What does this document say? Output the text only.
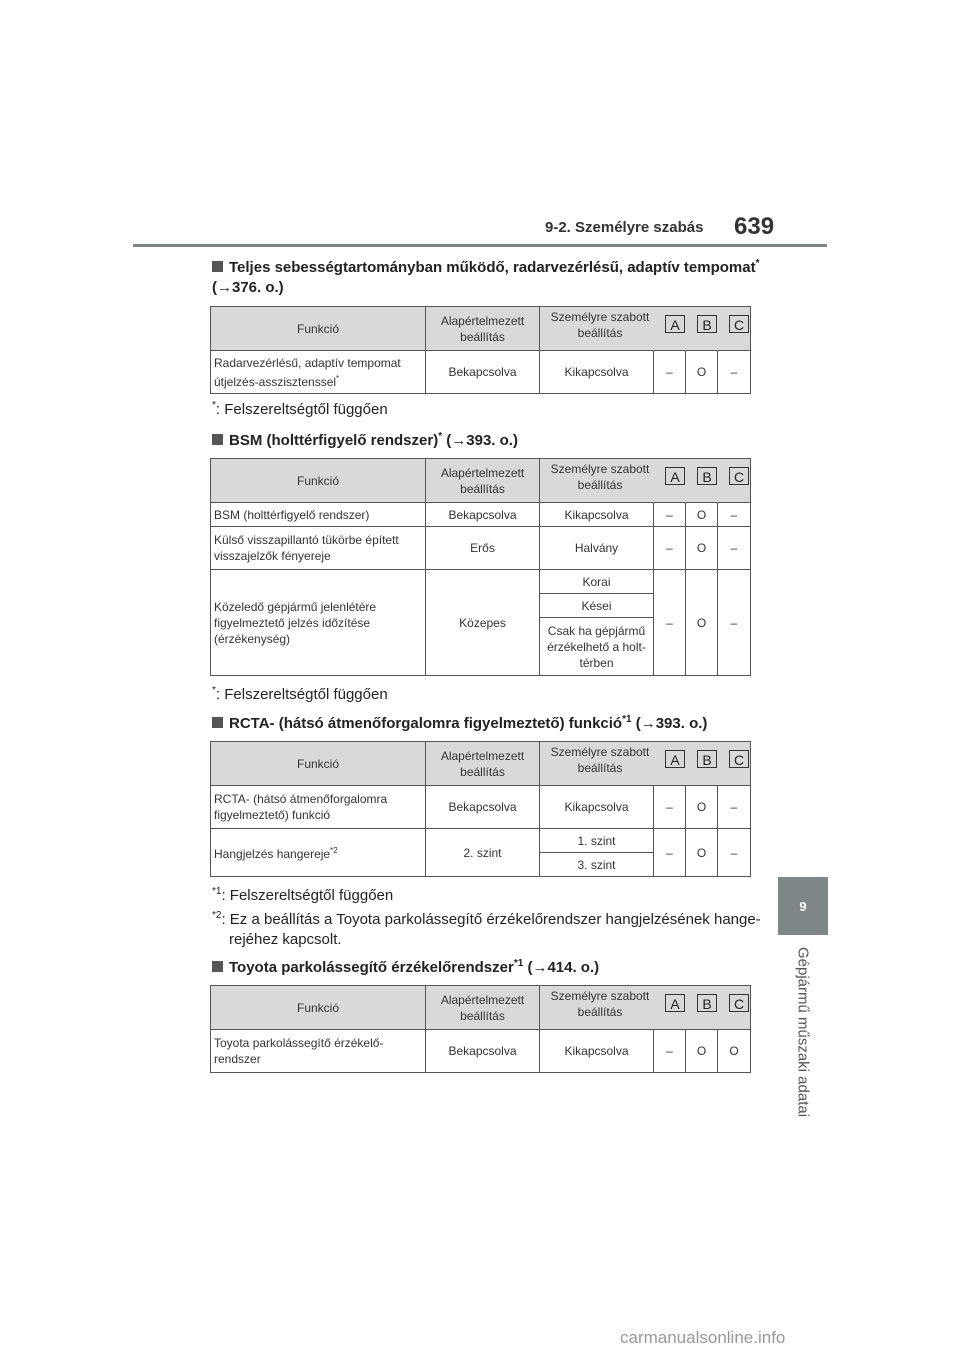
9-2. Személyre szabás 639
9
Gépjármű műszaki adatai
Teljes sebességtartományban működő, radarvezérlésű, adaptív tempomat*
(→376. o.)
Funkció	Alapértelmezett beállítás	Személyre szabott beállítás A B C			

Radarvezérlésű, adaptív tempomat útjelzés-asszisztenssel*	Bekapcsolva	Kikapcsolva	–	O	–
*: Felszereltségtől függően
BSM (holttérfigyelő rendszer)* (→393. o.)
Funkció	Alapértelmezett beállítás	Személyre szabott beállítás A B C			

BSM (holttérfigyelő rendszer)	Bekapcsolva	Kikapcsolva	–	O	–
Külső visszapillantó tükörbe épített visszajelzők fényereje	Erős	Halvány	–	O	–
Közeledő gépjármű jelenlétére figyelmeztető jelzés időzítése (érzékenység)	Közepes	Korai	–	O	–
		Kései			
		Csak ha gépjármű érzékelhető a holt-térben			
*: Felszereltségtől függően
RCTA- (hátsó átmenőforgalomra figyelmeztető) funkció$^{*1}$ (→393. o.)
Funkció	Alapértelmezett beállítás	Személyre szabott beállítás A B C			

RCTA- (hátsó átmenőforgalomra figyelmeztető) funkció	Bekapcsolva	Kikapcsolva	–	O	–
Hangjelzés hangereje$^{*2}$	2. szint	1. szint	–	O	–
		3. szint			
$^{*1}$: Felszereltségtől függően
$^{*2}$: Ez a beállítás a Toyota parkolássegítő érzékelőrendszer hangjelzésének hange-
rejéhez kapcsolt.
Toyota parkolássegítő érzékelőrendszer$^{*1}$ (→414. o.)
Funkció	Alapértelmezett beállítás	Személyre szabott beállítás A B C			

Toyota parkolássegítő érzékelő-rendszer	Bekapcsolva	Kikapcsolva	–	O	O
carmanualsonline.info
